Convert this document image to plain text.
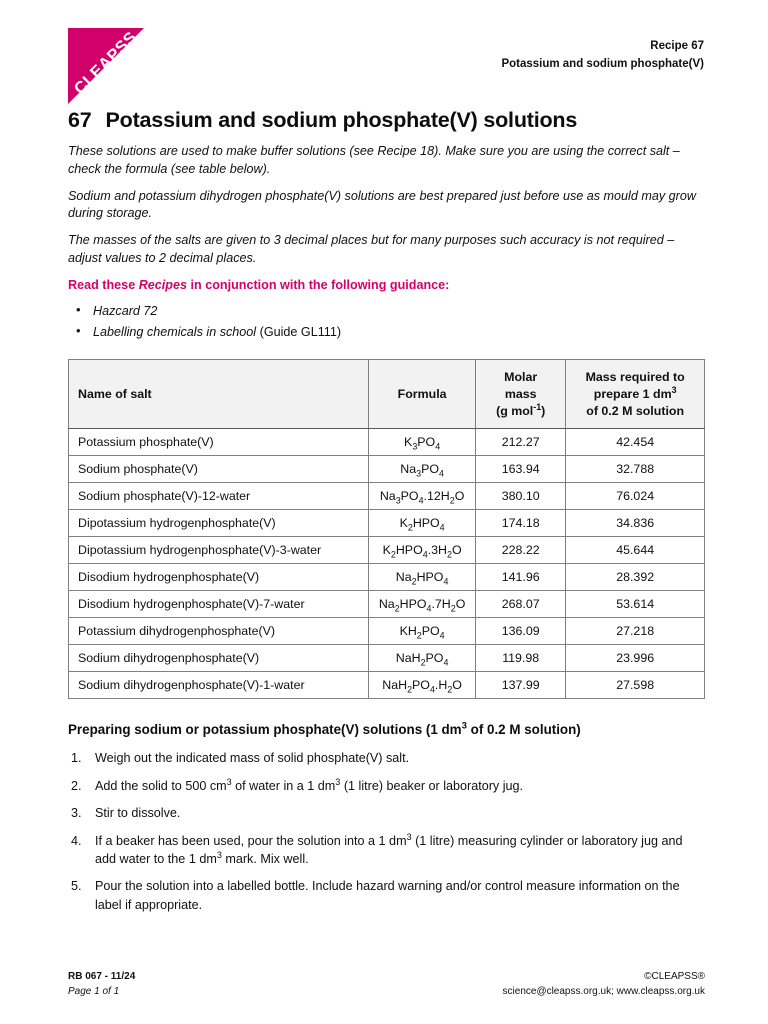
CLEAPSS	Recipe 67
Potassium and sodium phosphate(V)
67 Potassium and sodium phosphate(V) solutions

These solutions are used to make buffer solutions (see Recipe 18). Make sure you are using the correct salt – check the formula (see table below).

Sodium and potassium dihydrogen phosphate(V) solutions are best prepared just before use as mould may grow during storage.

The masses of the salts are given to 3 decimal places but for many purposes such accuracy is not required – adjust values to 2 decimal places.

Read these Recipes in conjunction with the following guidance:

• Hazcard 72
• Labelling chemicals in school (Guide GL111)
Name of salt	Formula	Molar
mass
(g mol$^{-1}$)	Mass required to
prepare 1 $dm^3$
of 0.2 M solution
Potassium phosphate(V)	$K_3PO_4$	212.27	42.454
Sodium phosphate(V)	$Na_3PO_4$	163.94	32.788
Sodium phosphate(V)-12-water	$Na_3PO_4.12H_2O$	380.10	76.024
Dipotassium hydrogenphosphate(V)	$K_2HPO_4$	174.18	34.836
Dipotassium hydrogenphosphate(V)-3-water	$K_2HPO_4.3H_2O$	228.22	45.644
Disodium hydrogenphosphate(V)	$Na_2HPO_4$	141.96	28.392
Disodium hydrogenphosphate(V)-7-water	$Na_2HPO_4.7H_2O$	268.07	53.614
Potassium dihydrogenphosphate(V)	$KH_2PO_4$	136.09	27.218
Sodium dihydrogenphosphate(V)	$NaH_2PO_4$	119.98	23.996
Sodium dihydrogenphosphate(V)-1-water	$NaH_2PO_4.H_2O$	137.99	27.598
Preparing sodium or potassium phosphate(V) solutions (1 $dm^3$ of 0.2 M solution)
Weigh out the indicated mass of solid phosphate(V) salt.
Add the solid to 500 $cm^3$ of water in a 1 $dm^3$ (1 litre) beaker or laboratory jug.
Stir to dissolve.
If a beaker has been used, pour the solution into a 1 $dm^3$ (1 litre) measuring cylinder or laboratory jug and add water to the 1 $dm^3$ mark. Mix well.
Pour the solution into a labelled bottle. Include hazard warning and/or control measure information on the label if appropriate.
RB 067 - 11/24
Page 1 of 1
©CLEAPSS®
science@cleapss.org.uk; www.cleapss.org.uk
